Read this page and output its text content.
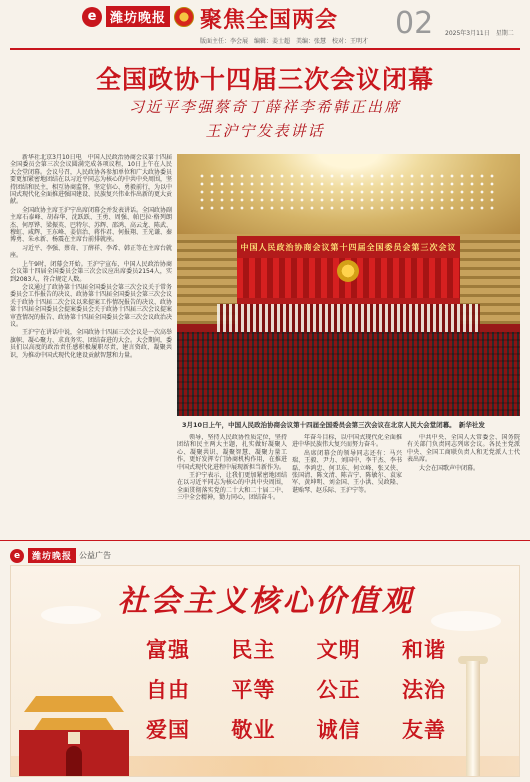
e	潍坊晚报 聚焦全国两会 02
版面主任：李会展　编辑：姜士超　美编：张慧　校对：王明才
2025年3月11日　星期二
全国政协十四届三次会议闭幕
习近平李强蔡奇丁薛祥李希韩正出席
王沪宁发表讲话

新华社北京3月10日电　中国人民政治协商会议第十四届全国委员会第三次会议圆满完成各项议程，10日上午在人民大会堂闭幕。会议号召，人民政协各参加单位和广大政协委员要更加紧密地团结在以习近平同志为核心的中共中央周围，坚持团结和民主，相互协商监督，坚定信心、勇毅前行，为以中国式现代化全面推进强国建设、民族复兴伟业作出新的更大贡献。

全国政协主席王沪宁出席闭幕会并发表讲话。全国政协副主席石泰峰、胡春华、沈跃跃、王勇、周强、帕巴拉·格列朗杰、何厚铧、梁振英、巴特尔、苏辉、邵鸿、高云龙、陈武、穆虹、咸辉、王东峰、姜信治、蒋作君、何报翔、王光谦、秦博勇、朱永新、杨震在主席台前排就座。

习近平、李强、蔡奇、丁薛祥、李希、韩正等在主席台就座。

上午9时，闭幕会开始。王沪宁宣布，中国人民政治协商会议第十四届全国委员会第三次会议应出席委员2154人，实到2083人，符合规定人数。

会议通过了政协第十四届全国委员会第三次会议关于常务委员会工作报告的决议、政协第十四届全国委员会第三次会议关于政协十四届二次会议以来提案工作情况报告的决议、政协第十四届全国委员会提案委员会关于政协十四届三次会议提案审查情况的报告、政协第十四届全国委员会第三次会议政治决议。

王沪宁在讲话中说，全国政协十四届三次会议是一次高举旗帜、凝心聚力、求真务实、团结奋进的大会。大会期间，委员们以高度的政治责任感积极履职尽责，建言资政、凝聚共识，为推动中国式现代化建设贡献智慧和力量。

中国人民政治协商会议第十四届全国委员会第三次会议
3月10日上午，中国人民政治协商会议第十四届全国委员会第三次会议在北京人民大会堂闭幕。　新华社发

领导，坚持人民政协性质定位，坚持团结和民主两大主题，扎实做好凝聚人心、凝聚共识、凝聚智慧、凝聚力量工作，更好发挥专门协商机构作用，在推进中国式现代化进程中展现新担当新作为。

王沪宁表示，让我们更加紧密地团结在以习近平同志为核心的中共中央周围，全面贯彻落实党的二十大和二十届二中、三中全会精神，勠力同心，团结奋斗。

年奋斗目标，以中国式现代化全面推进中华民族伟大复兴而努力奋斗。

出席闭幕会的领导同志还有：马兴瑞、王毅、尹力、刘国中、李干杰、李书磊、李鸿忠、何卫东、何立峰、张又侠、张国清、陈文清、陈吉宁、陈敏尔、袁家军、黄坤明、刘金国、王小洪、吴政隆、谌贻琴、赵乐际、王沪宁等。

中共中央、全国人大常委会、国务院有关部门负责同志列席会议。各民主党派中央、全国工商联负责人和无党派人士代表出席。

大会在国歌声中闭幕。

e	潍坊晚报 公益广告
社会主义核心价值观
富强 民主 文明 和谐
自由 平等 公正 法治
爱国 敬业 诚信 友善
